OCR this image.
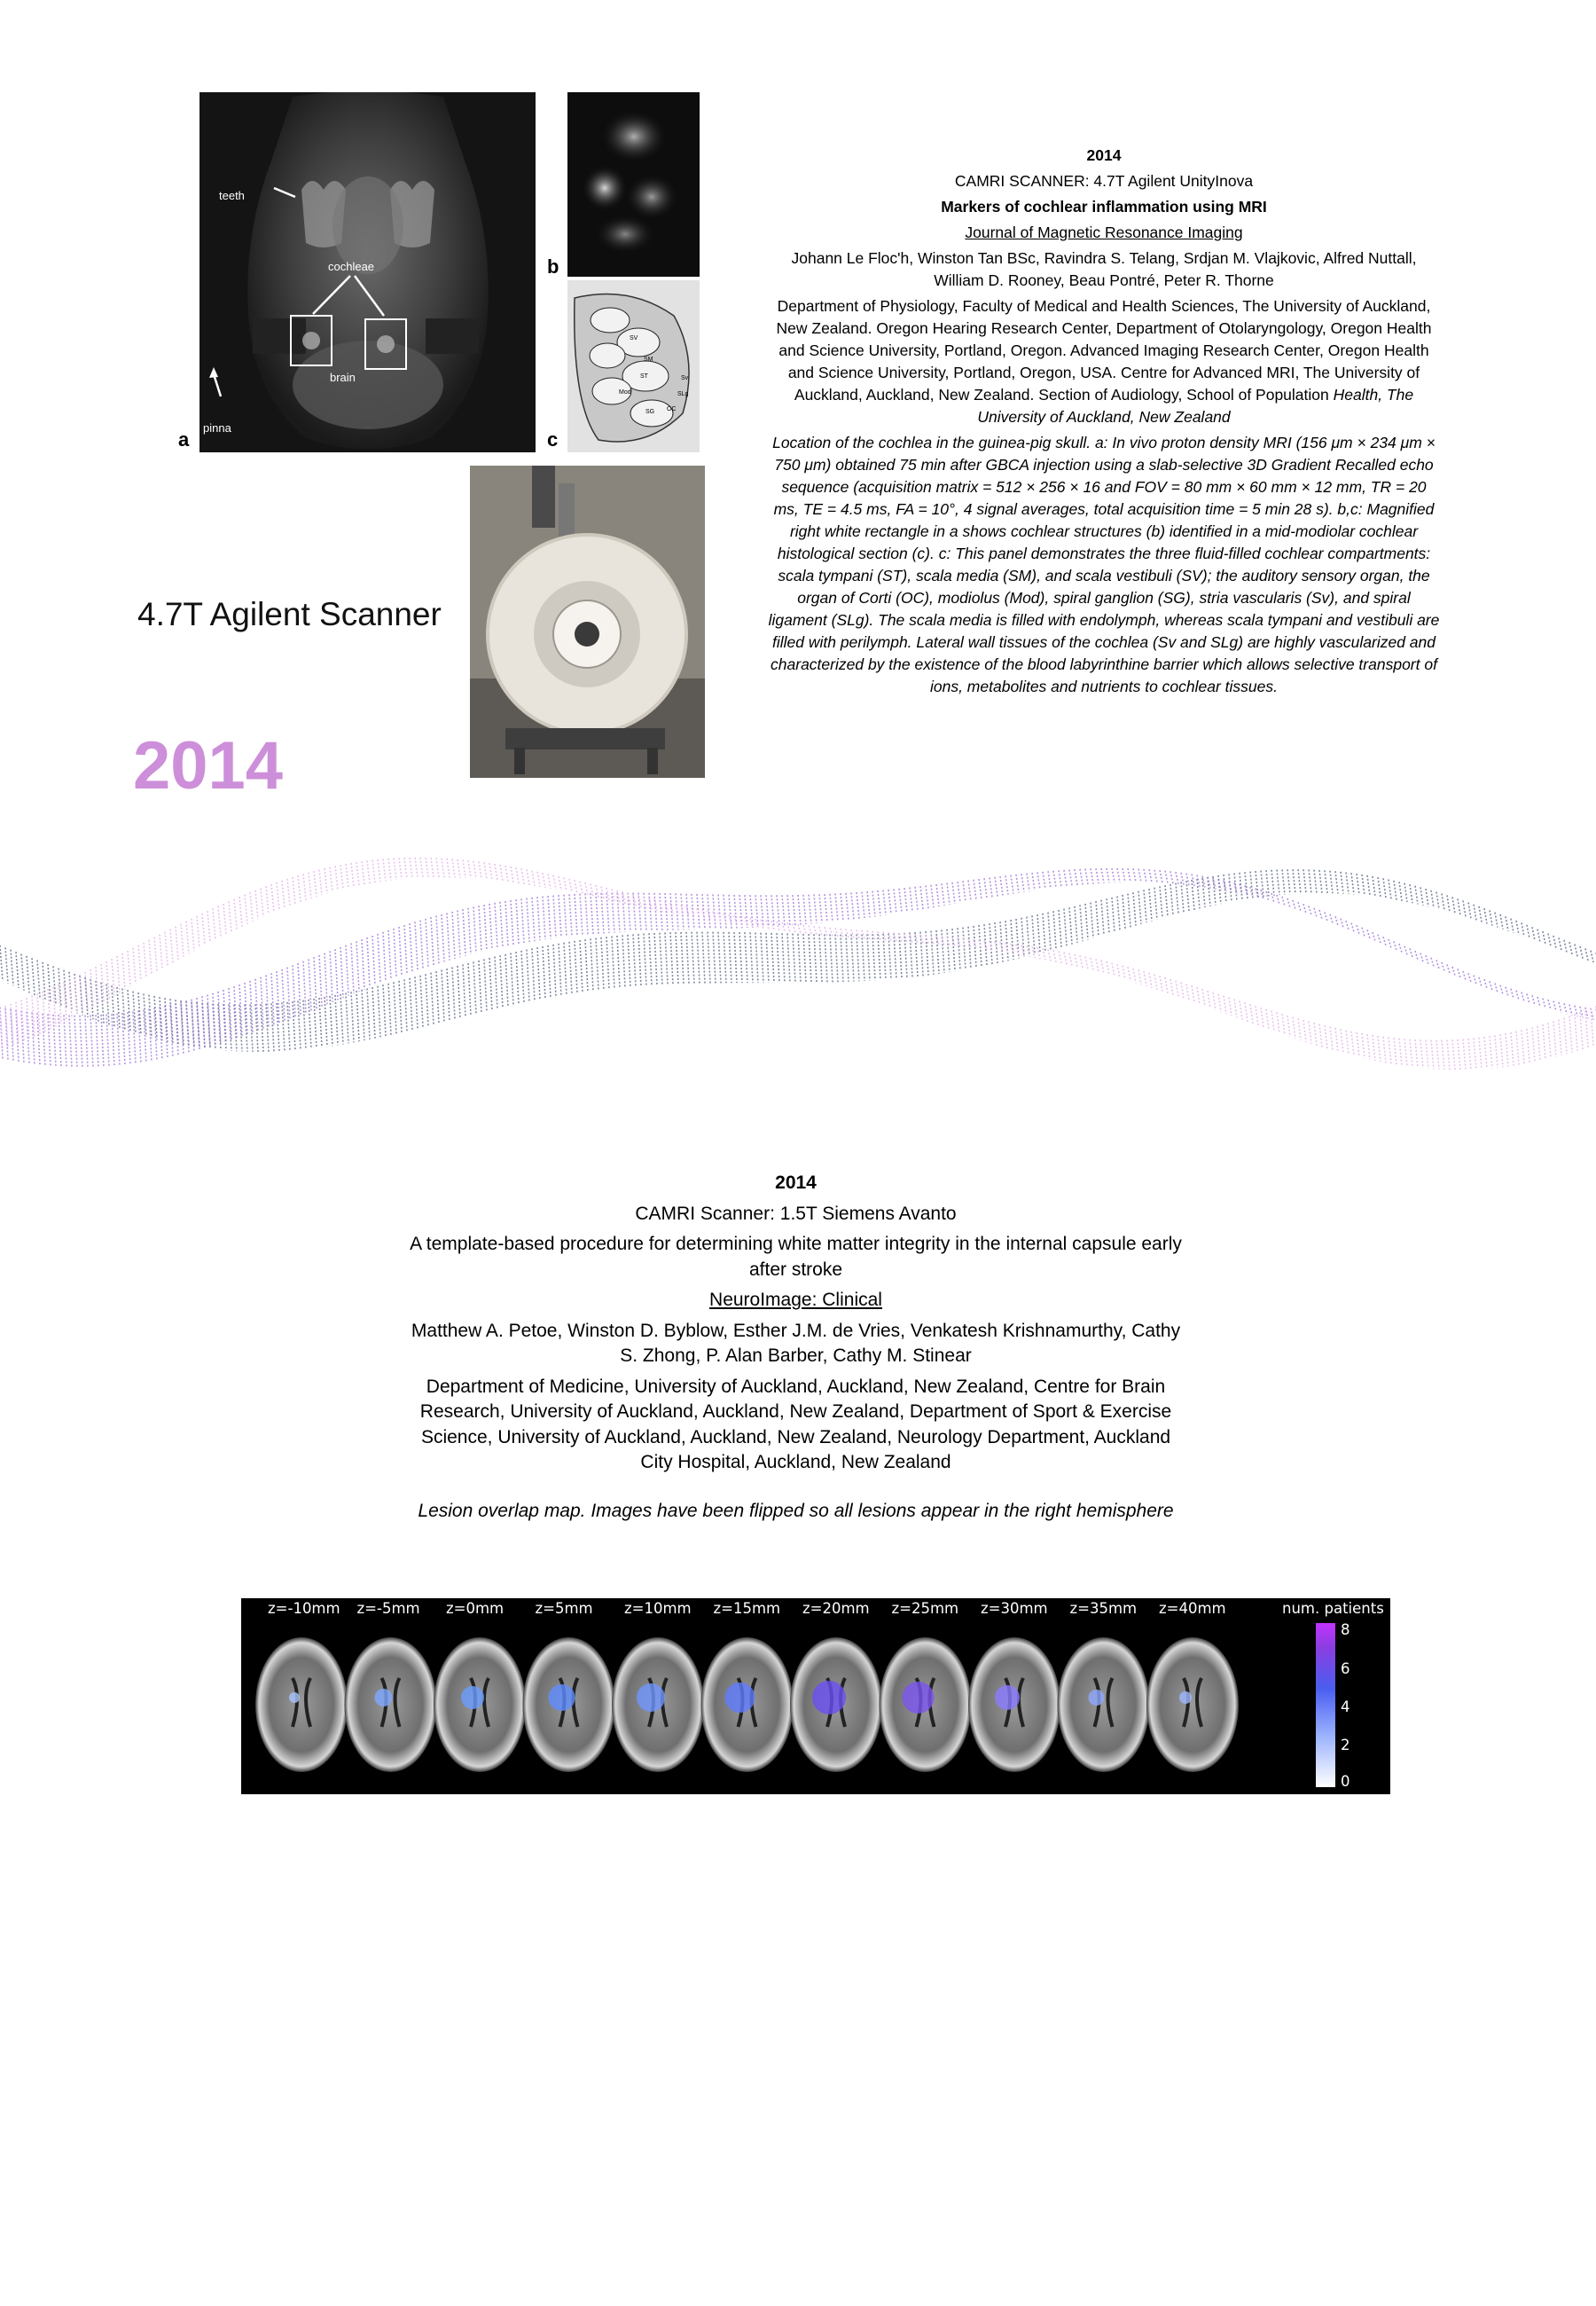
teeth
cochleae
brain
pinna
a
b
SV
SM
ST
Mod
Sv
SLg
SG OC
c
4.7T Agilent Scanner
2014

2014

CAMRI SCANNER: 4.7T Agilent UnityInova

Markers of cochlear inflammation using MRI

Journal of Magnetic Resonance Imaging

Johann Le Floc'h, Winston Tan BSc, Ravindra S. Telang, Srdjan M. Vlajkovic, Alfred Nuttall, William D. Rooney, Beau Pontré, Peter R. Thorne

Department of Physiology, Faculty of Medical and Health Sciences, The University of Auckland, New Zealand. Oregon Hearing Research Center, Department of Otolaryngology, Oregon Health and Science University, Portland, Oregon. Advanced Imaging Research Center, Oregon Health and Science University, Portland, Oregon, USA. Centre for Advanced MRI, The University of Auckland, Auckland, New Zealand. Section of Audiology, School of Population Health, The University of Auckland, New Zealand

Location of the cochlea in the guinea-pig skull. a: In vivo proton density MRI (156 μm × 234 μm × 750 μm) obtained 75 min after GBCA injection using a slab-selective 3D Gradient Recalled echo sequence (acquisition matrix = 512 × 256 × 16 and FOV = 80 mm × 60 mm × 12 mm, TR = 20 ms, TE = 4.5 ms, FA = 10°, 4 signal averages, total acquisition time = 5 min 28 s). b,c: Magnified right white rectangle in a shows cochlear structures (b) identified in a mid-modiolar cochlear histological section (c). c: This panel demonstrates the three fluid-filled cochlear compartments: scala tympani (ST), scala media (SM), and scala vestibuli (SV); the auditory sensory organ, the organ of Corti (OC), modiolus (Mod), spiral ganglion (SG), stria vascularis (Sv), and spiral ligament (SLg). The scala media is filled with endolymph, whereas scala tympani and vestibuli are filled with perilymph. Lateral wall tissues of the cochlea (Sv and SLg) are highly vascularized and characterized by the existence of the blood labyrinthine barrier which allows selective transport of ions, metabolites and nutrients to cochlear tissues.

2014

CAMRI Scanner: 1.5T Siemens Avanto

A template-based procedure for determining white matter integrity in the internal capsule early after stroke

NeuroImage: Clinical

Matthew A. Petoe, Winston D. Byblow, Esther J.M. de Vries, Venkatesh Krishnamurthy, Cathy S. Zhong, P. Alan Barber, Cathy M. Stinear

Department of Medicine, University of Auckland, Auckland, New Zealand, Centre for Brain Research, University of Auckland, Auckland, New Zealand, Department of Sport & Exercise Science, University of Auckland, Auckland, New Zealand, Neurology Department, Auckland City Hospital, Auckland, New Zealand

Lesion overlap map. Images have been flipped so all lesions appear in the right hemisphere

z=-10mm z=-5mm z=0mm z=5mm z=10mm z=15mm z=20mm z=25mm z=30mm z=35mm z=40mm	num. patients
8
6
4
2
0
